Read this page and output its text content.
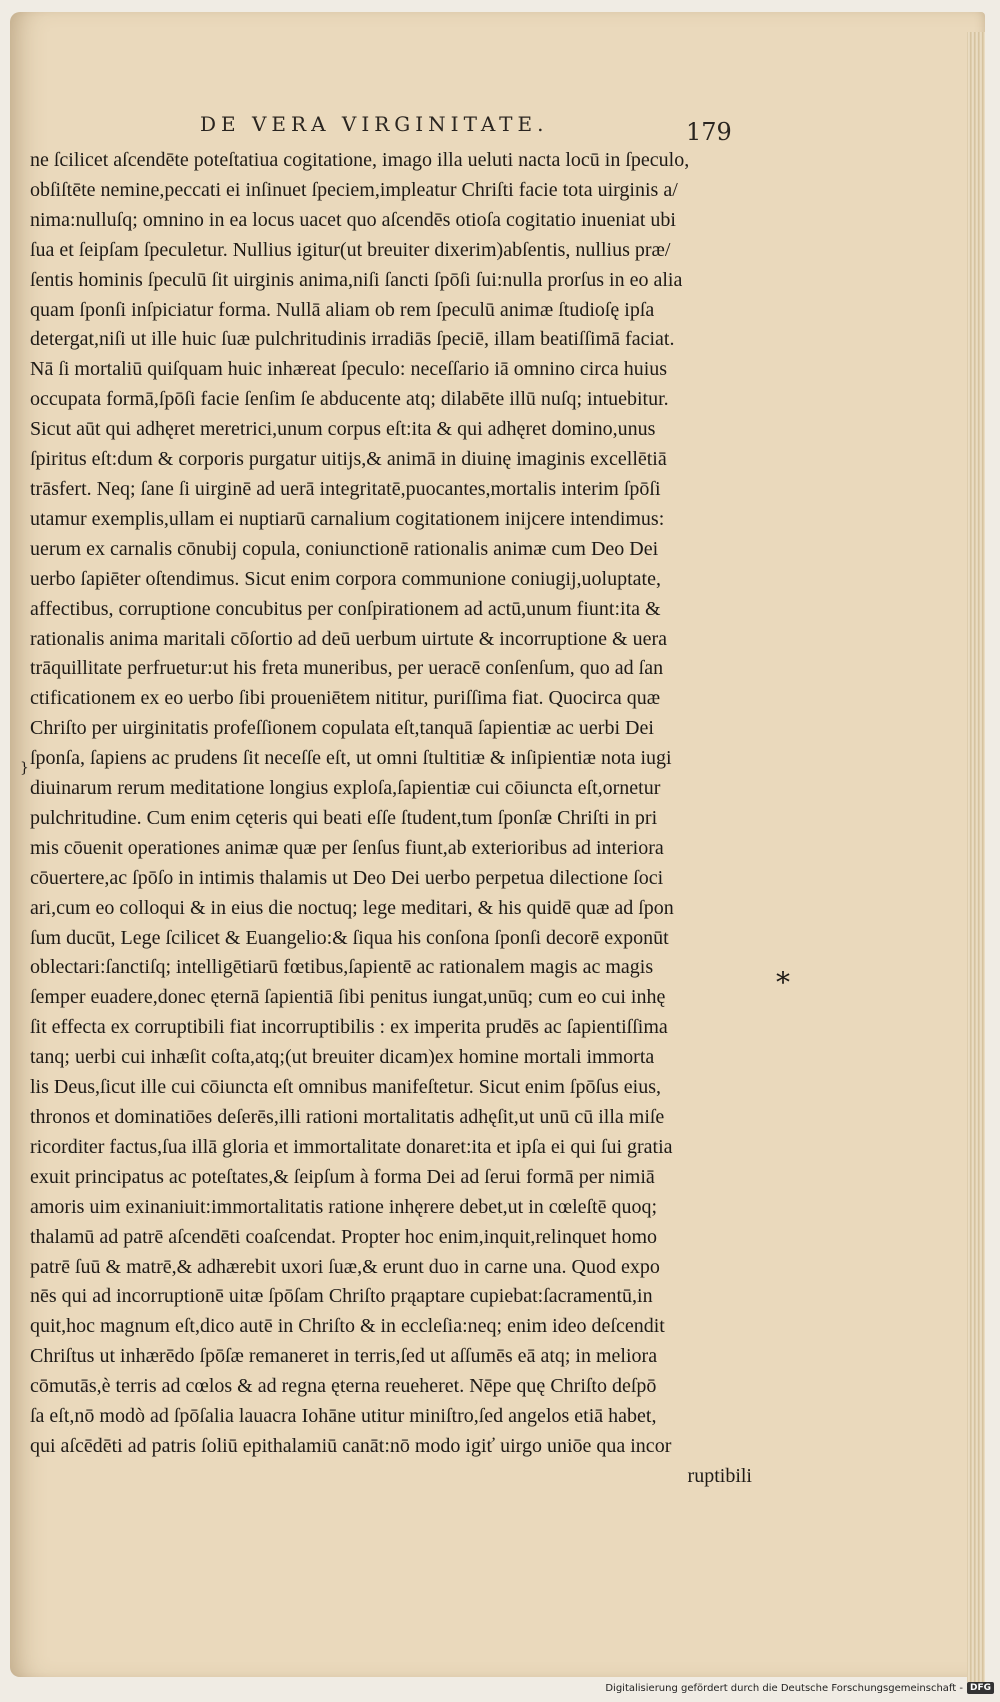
DE VERA VIRGINITATE.	179
}
ne ſcilicet aſcendēte poteſtatiua cogitatione, imago illa ueluti nacta locū in ſpeculo,
obſiſtēte nemine,peccati ei inſinuet ſpeciem,impleatur Chriſti facie tota uirginis a/
nima:nulluſq; omnino in ea locus uacet quo aſcendēs otioſa cogitatio inueniat ubi
ſua et ſeipſam ſpeculetur. Nullius igitur(ut breuiter dixerim)abſentis, nullius præ/
ſentis hominis ſpeculū ſit uirginis anima,niſi ſancti ſpōſi ſui:nulla prorſus in eo alia
quam ſponſi inſpiciatur forma. Nullā aliam ob rem ſpeculū animæ ſtudioſę ipſa
detergat,niſi ut ille huic ſuæ pulchritudinis irradiās ſpeciē, illam beatiſſimā faciat.
Nā ſi mortaliū quiſquam huic inhæreat ſpeculo: neceſſario iā omnino circa huius
occupata formā,ſpōſi facie ſenſim ſe abducente atq; dilabēte illū nuſq; intuebitur.
Sicut aūt qui adhęret meretrici,unum corpus eſt:ita & qui adhęret domino,unus
ſpiritus eſt:dum & corporis purgatur uitijs,& animā in diuinę imaginis excellētiā
trāsfert. Neq; ſane ſi uirginē ad uerā integritatē,puocantes,mortalis interim ſpōſi
utamur exemplis,ullam ei nuptiarū carnalium cogitationem inijcere intendimus:
uerum ex carnalis cōnubij copula, coniunctionē rationalis animæ cum Deo Dei
uerbo ſapiēter oſtendimus. Sicut enim corpora communione coniugij,uoluptate,
affectibus, corruptione concubitus per conſpirationem ad actū,unum fiunt:ita &
rationalis anima maritali cōſortio ad deū uerbum uirtute & incorruptione & uera
trāquillitate perfruetur:ut his freta muneribus, per ueracē conſenſum, quo ad ſan
ctificationem ex eo uerbo ſibi proueniētem nititur, puriſſima fiat. Quocirca quæ
Chriſto per uirginitatis profeſſionem copulata eſt,tanquā ſapientiæ ac uerbi Dei
ſponſa, ſapiens ac prudens ſit neceſſe eſt, ut omni ſtultitiæ & inſipientiæ nota iugi
diuinarum rerum meditatione longius exploſa,ſapientiæ cui cōiuncta eſt,ornetur
pulchritudine. Cum enim cęteris qui beati eſſe ſtudent,tum ſponſæ Chriſti in pri
mis cōuenit operationes animæ quæ per ſenſus fiunt,ab exterioribus ad interiora
cōuertere,ac ſpōſo in intimis thalamis ut Deo Dei uerbo perpetua dilectione ſoci
ari,cum eo colloqui & in eius die noctuq; lege meditari, & his quidē quæ ad ſpon
ſum ducūt, Lege ſcilicet & Euangelio:& ſiqua his conſona ſponſi decorē exponūt
oblectari:ſanctiſq; intelligētiarū fœtibus,ſapientē ac rationalem magis ac magis
ſemper euadere,donec ęternā ſapientiā ſibi penitus iungat,unūq; cum eo cui inhę
ſit effecta ex corruptibili fiat incorruptibilis : ex imperita prudēs ac ſapientiſſima
tanq; uerbi cui inhæſit coſta,atq;(ut breuiter dicam)ex homine mortali immorta
lis Deus,ſicut ille cui cōiuncta eſt omnibus manifeſtetur. Sicut enim ſpōſus eius,
thronos et dominatiōes deſerēs,illi rationi mortalitatis adhęſit,ut unū cū illa miſe
ricorditer factus,ſua illā gloria et immortalitate donaret:ita et ipſa ei qui ſui gratia
exuit principatus ac poteſtates,& ſeipſum à forma Dei ad ſerui formā per nimiā
amoris uim exinaniuit:immortalitatis ratione inhęrere debet,ut in cœleſtē quoq;
thalamū ad patrē aſcendēti coaſcendat. Propter hoc enim,inquit,relinquet homo
patrē ſuū & matrē,& adhærebit uxori ſuæ,& erunt duo in carne una. Quod expo
nēs qui ad incorruptionē uitæ ſpōſam Chriſto prąaptare cupiebat:ſacramentū,in
quit,hoc magnum eſt,dico autē in Chriſto & in eccleſia:neq; enim ideo deſcendit
Chriſtus ut inhærēdo ſpōſæ remaneret in terris,ſed ut aſſumēs eā atq; in meliora
cōmutās,è terris ad cœlos & ad regna ęterna reueheret. Nēpe quę Chriſto deſpō
ſa eſt,nō modò ad ſpōſalia lauacra Iohāne utitur miniſtro,ſed angelos etiā habet,
qui aſcēdēti ad patris ſoliū epithalamiū canāt:nō modo igiť uirgo uniōe qua incor
ruptibili
*
Digitalisierung gefördert durch die Deutsche Forschungsgemeinschaft - DFG
